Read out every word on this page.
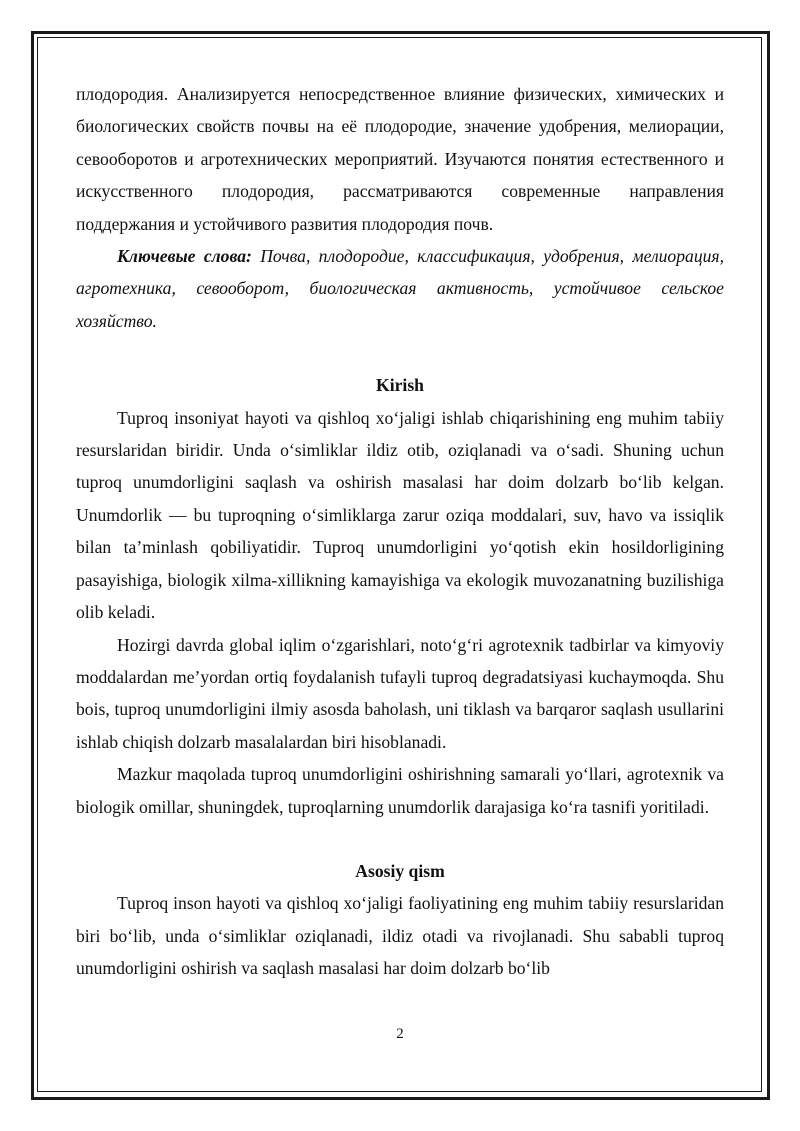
плодородия. Анализируется непосредственное влияние физических, химических и биологических свойств почвы на её плодородие, значение удобрения, мелиорации, севооборотов и агротехнических мероприятий. Изучаются понятия естественного и искусственного плодородия, рассматриваются современные направления поддержания и устойчивого развития плодородия почв.

Ключевые слова: Почва, плодородие, классификация, удобрения, мелиорация, агротехника, севооборот, биологическая активность, устойчивое сельское хозяйство.

Kirish

Tuproq insoniyat hayoti va qishloq xo‘jaligi ishlab chiqarishining eng muhim tabiiy resurslaridan biridir. Unda o‘simliklar ildiz otib, oziqlanadi va o‘sadi. Shuning uchun tuproq unumdorligini saqlash va oshirish masalasi har doim dolzarb bo‘lib kelgan. Unumdorlik — bu tuproqning o‘simliklarga zarur oziqa moddalari, suv, havo va issiqlik bilan ta’minlash qobiliyatidir. Tuproq unumdorligini yo‘qotish ekin hosildorligining pasayishiga, biologik xilma-xillikning kamayishiga va ekologik muvozanatning buzilishiga olib keladi.

Hozirgi davrda global iqlim o‘zgarishlari, noto‘g‘ri agrotexnik tadbirlar va kimyoviy moddalardan me’yordan ortiq foydalanish tufayli tuproq degradatsiyasi kuchaymoqda. Shu bois, tuproq unumdorligini ilmiy asosda baholash, uni tiklash va barqaror saqlash usullarini ishlab chiqish dolzarb masalalardan biri hisoblanadi.

Mazkur maqolada tuproq unumdorligini oshirishning samarali yo‘llari, agrotexnik va biologik omillar, shuningdek, tuproqlarning unumdorlik darajasiga ko‘ra tasnifi yoritiladi.

Asosiy qism

Tuproq inson hayoti va qishloq xo‘jaligi faoliyatining eng muhim tabiiy resurslaridan biri bo‘lib, unda o‘simliklar oziqlanadi, ildiz otadi va rivojlanadi. Shu sababli tuproq unumdorligini oshirish va saqlash masalasi har doim dolzarb bo‘lib

2
